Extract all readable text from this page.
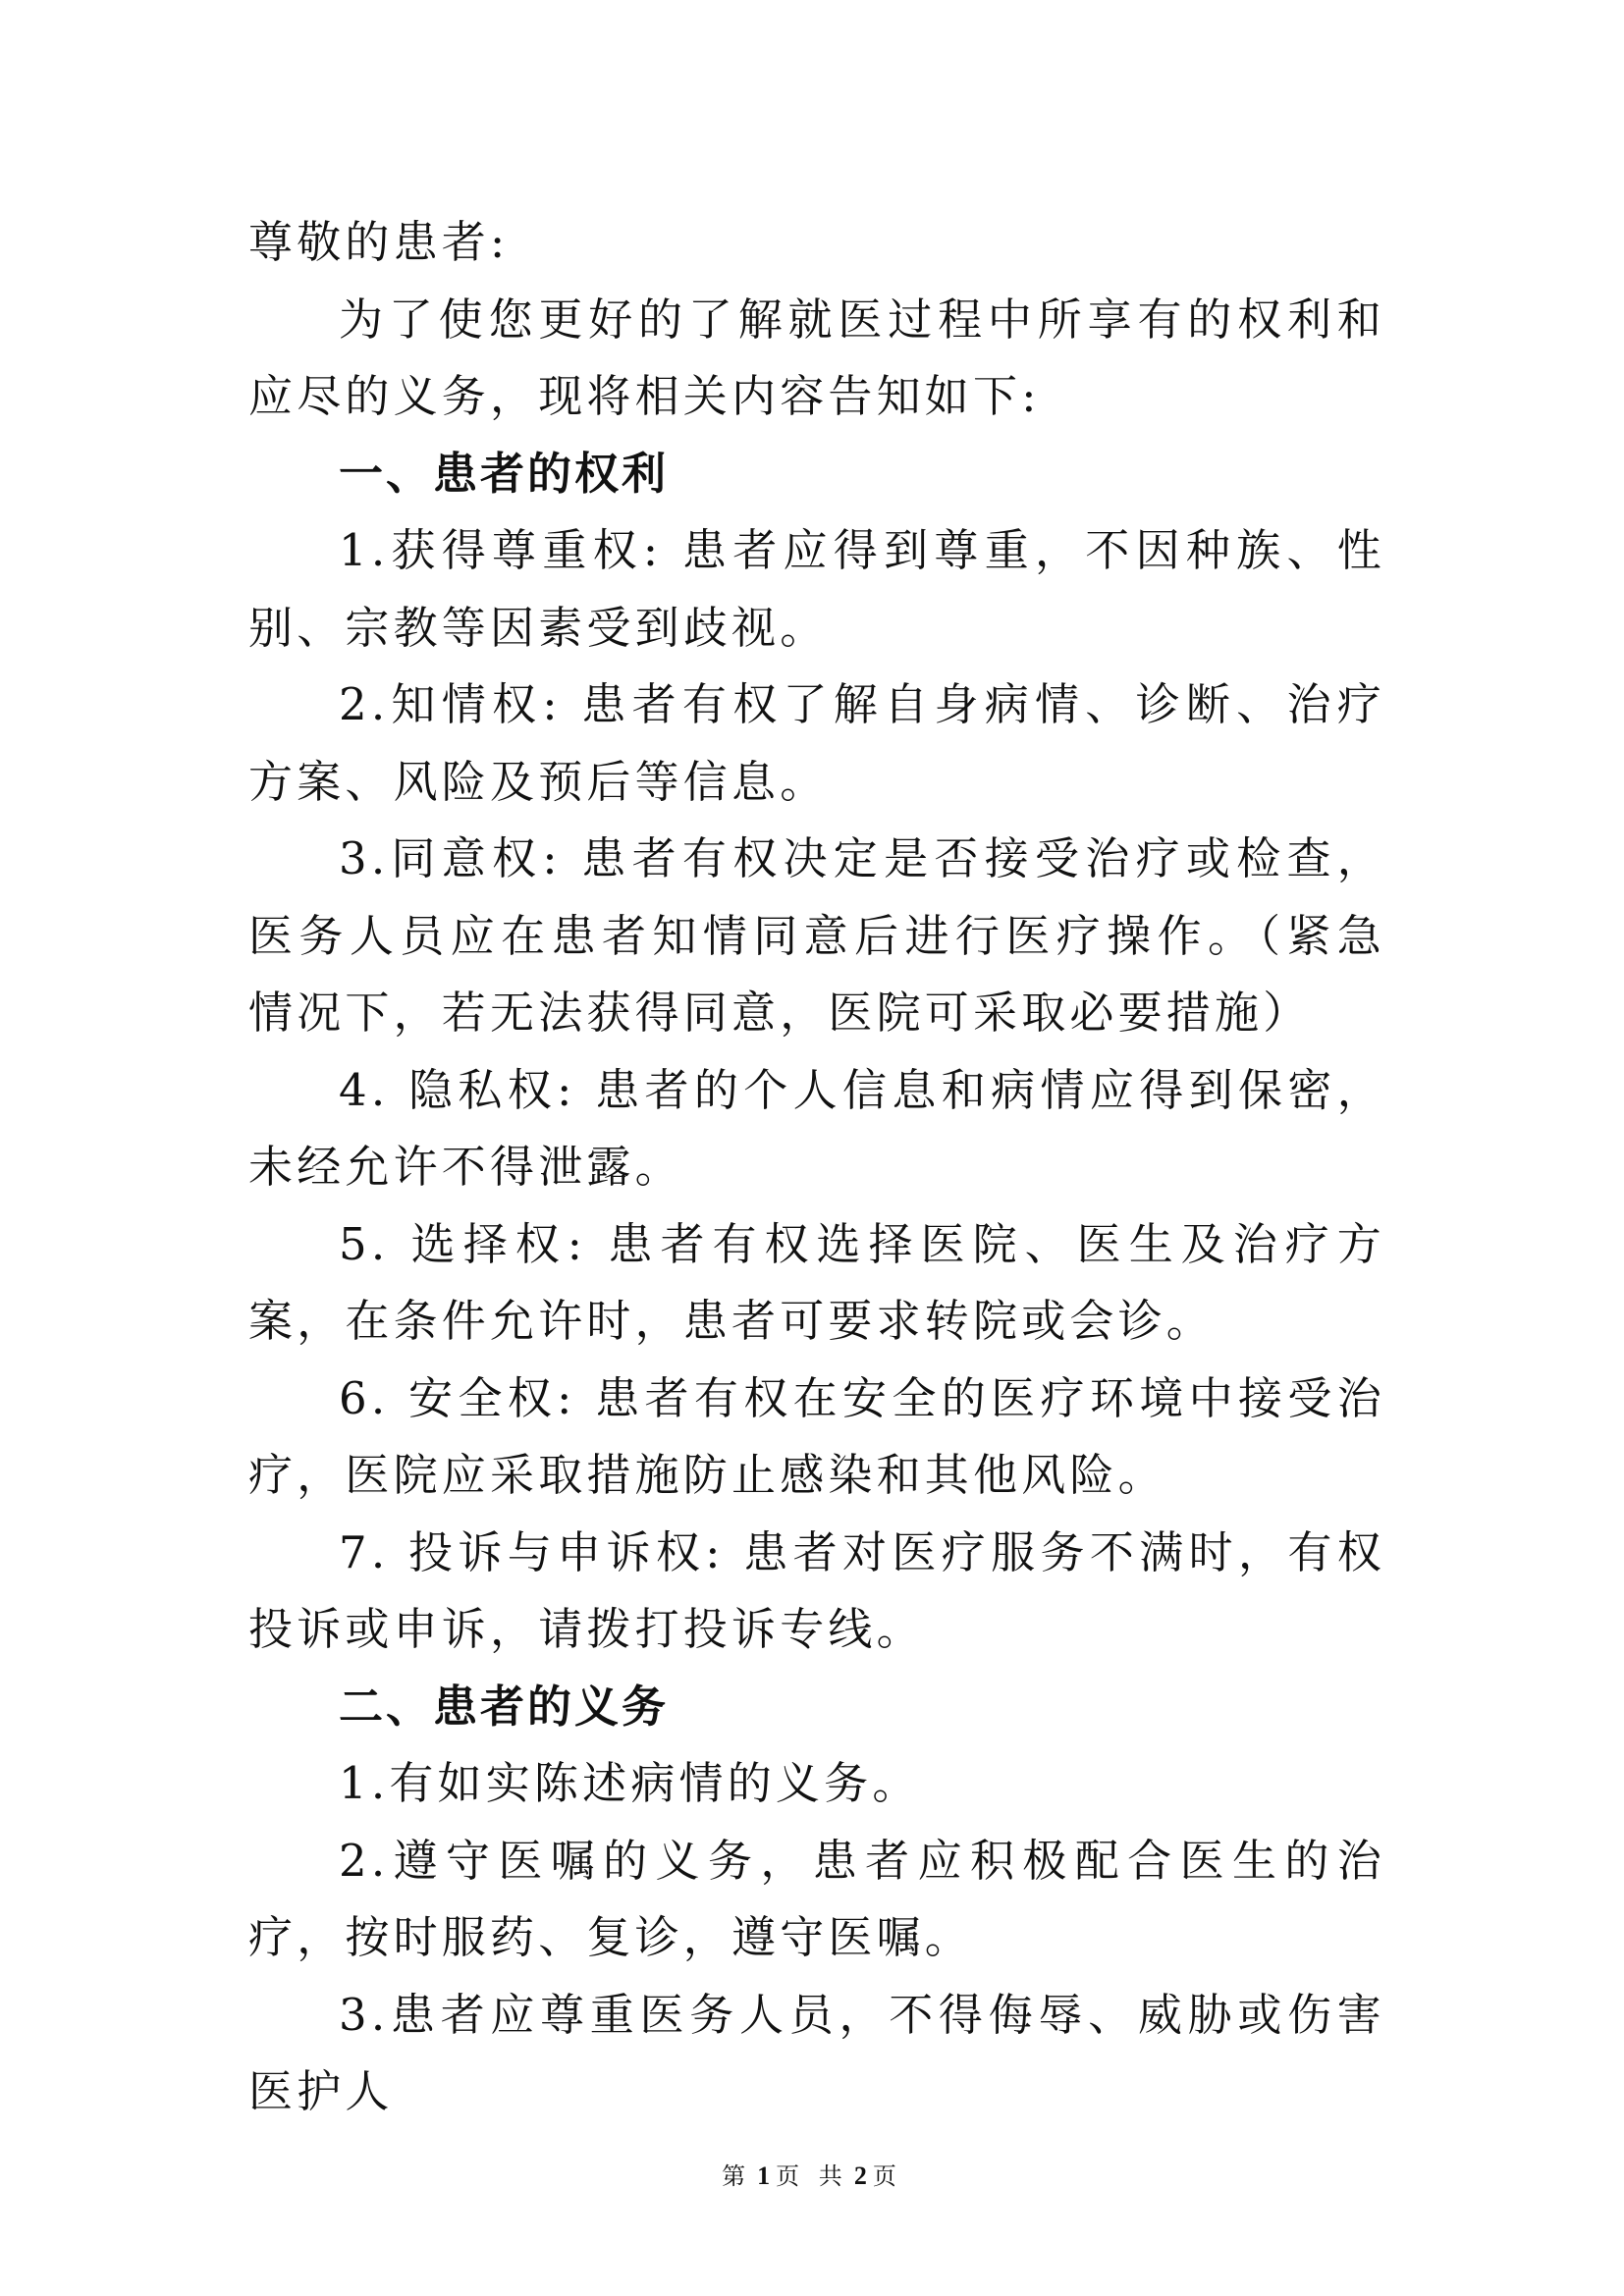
尊敬的患者:

为了使您更好的了解就医过程中所享有的权利和应尽的义务，现将相关内容告知如下:

一、患者的权利

1.获得尊重权: 患者应得到尊重，不因种族、性别、宗教等因素受到歧视。

2.知情权: 患者有权了解自身病情、诊断、治疗方案、风险及预后等信息。

3.同意权: 患者有权决定是否接受治疗或检查，医务人员应在患者知情同意后进行医疗操作。（紧急情况下，若无法获得同意，医院可采取必要措施）

4. 隐私权: 患者的个人信息和病情应得到保密，未经允许不得泄露。

5. 选择权: 患者有权选择医院、医生及治疗方案，在条件允许时，患者可要求转院或会诊。

6. 安全权: 患者有权在安全的医疗环境中接受治疗，医院应采取措施防止感染和其他风险。

7. 投诉与申诉权: 患者对医疗服务不满时，有权投诉或申诉，请拨打投诉专线。

二、患者的义务

1.有如实陈述病情的义务。

2.遵守医嘱的义务，患者应积极配合医生的治疗，按时服药、复诊，遵守医嘱。

3.患者应尊重医务人员，不得侮辱、威胁或伤害医护人

第 1 页 共 2 页
